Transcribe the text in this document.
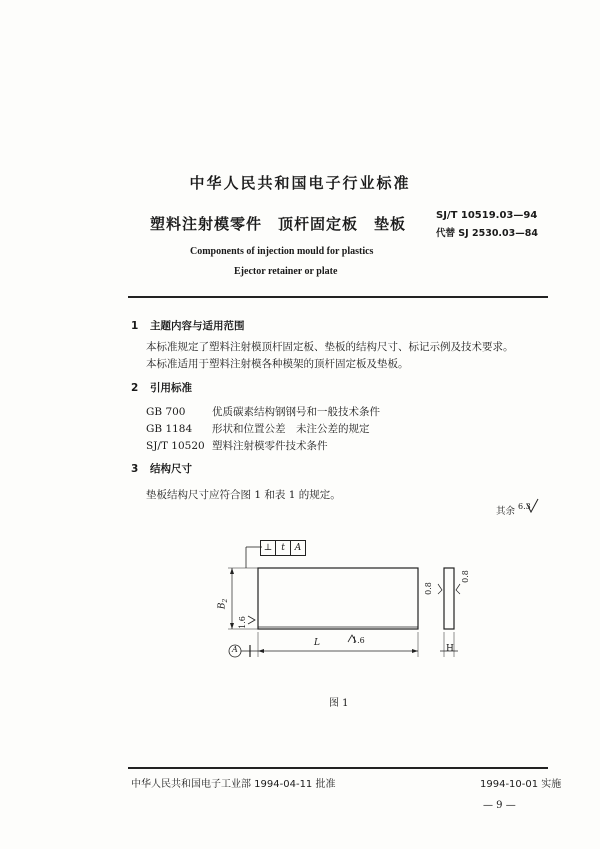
中华人民共和国电子行业标准
塑料注射模零件　顶杆固定板　垫板	SJ/T 10519.03—94
代替 SJ 2530.03—84
Components of injection mould for plastics
Ejector retainer or plate
1 主题内容与适用范围
本标准规定了塑料注射模顶杆固定板、垫板的结构尺寸、标记示例及技术要求。
本标准适用于塑料注射模各种模架的顶杆固定板及垫板。
2 引用标准
GB 700	优质碳素结构钢钢号和一般技术条件
GB 1184 形状和位置公差　未注公差的规定
SJ/T 10520 塑料注射模零件技术条件
3 结构尺寸
垫板结构尺寸应符合图 1 和表 1 的规定。
其余 $^{6.3}$
⊥ t	A
$B_2$
1.6
1.6
L
A
0.8
0.8
H
图 1
中华人民共和国电子工业部 1994-04-11 批准	1994-10-01 实施
— 9 —
